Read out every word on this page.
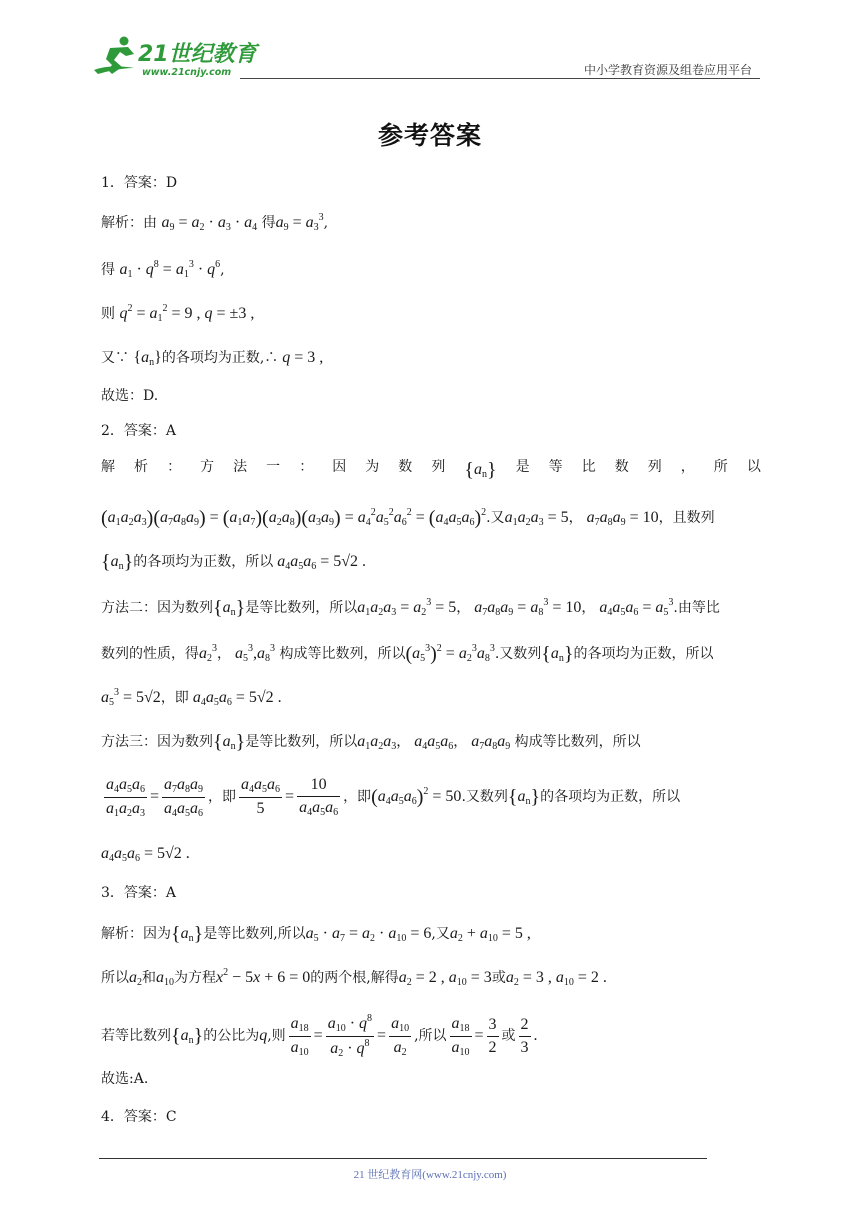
21世纪教育
www.21cnjy.com	中小学教育资源及组卷应用平台
参考答案
1．答案：D
解析：由 $a_9 = a_2 \cdot a_3 \cdot a_4$ 得$a_9 = a_3^3$,
得 $a_1 \cdot q^8 = a_1^3 \cdot q^6$,
则 $q^2 = a_1^2 = 9$ , q = ±3 ,
又∵ $\{a_n\}$的各项均为正数,∴ q = 3 ,
故选：D.
2．答案：A
解 析 ： 方 法 一 ： 因 为 数 列 $\{a_n\}$ 是 等 比 数 列 ， 所 以
$(a_1a_2a_3)(a_7a_8a_9) = (a_1a_7)(a_2a_8)(a_3a_9) = a_4^2a_5^2a_6^2 = (a_4a_5a_6)^2$.又$a_1a_2a_3 = 5$， $a_7a_8a_9 = 10$，且数列
$\{a_n\}$的各项均为正数，所以 $a_4a_5a_6 = 5√2$ .
方法二：因为数列$\{a_n\}$是等比数列，所以$a_1a_2a_3 = a_2^3 = 5$， $a_7a_8a_9 = a_8^3 = 10$， $a_4a_5a_6 = a_5^3$.由等比
数列的性质，得$a_2^3$， $a_5^3,a_8^3$ 构成等比数列，所以$(a_5^3)^2 = a_2^3a_8^3$.又数列$\{a_n\}$的各项均为正数，所以
$a_5^3 = 5√2$，即 $a_4a_5a_6 = 5√2$ .
方法三：因为数列$\{a_n\}$是等比数列，所以$a_1a_2a_3$， $a_4a_5a_6$， $a_7a_8a_9$ 构成等比数列，所以
$\frac{a_4a_5a_6}{a_1a_2a_3} = \frac{a_7a_8a_9}{a_4a_5a_6}$ ，即 $\frac{a_4a_5a_6}{5} = \frac{10}{a_4a_5a_6}$ ，即$(a_4a_5a_6)^2 = 50$.又数列$\{a_n\}$的各项均为正数，所以
$a_4a_5a_6 = 5√2$ .
3．答案：A
解析：因为$\{a_n\}$是等比数列,所以$a_5 \cdot a_7 = a_2 \cdot a_{10} = 6$,又$a_2 + a_{10} = 5$ ,
所以$a_2$和$a_{10}$为方程$x^2 - 5x + 6 = 0$的两个根,解得$a_2 = 2$ , $a_{10} = 3$或$a_2 = 3$ , $a_{10} = 2$ .
若等比数列$\{a_n\}$的公比为q,则 $\frac{a_{18}}{a_{10}} = \frac{a_{10} \cdot q^8}{a_2 \cdot q^8} = \frac{a_{10}}{a_2}$ ,所以 $\frac{a_{18}}{a_{10}} = \frac{3}{2}$ 或 $\frac{2}{3}$ .
故选:A.
4．答案：C
21 世纪教育网(www.21cnjy.com)
